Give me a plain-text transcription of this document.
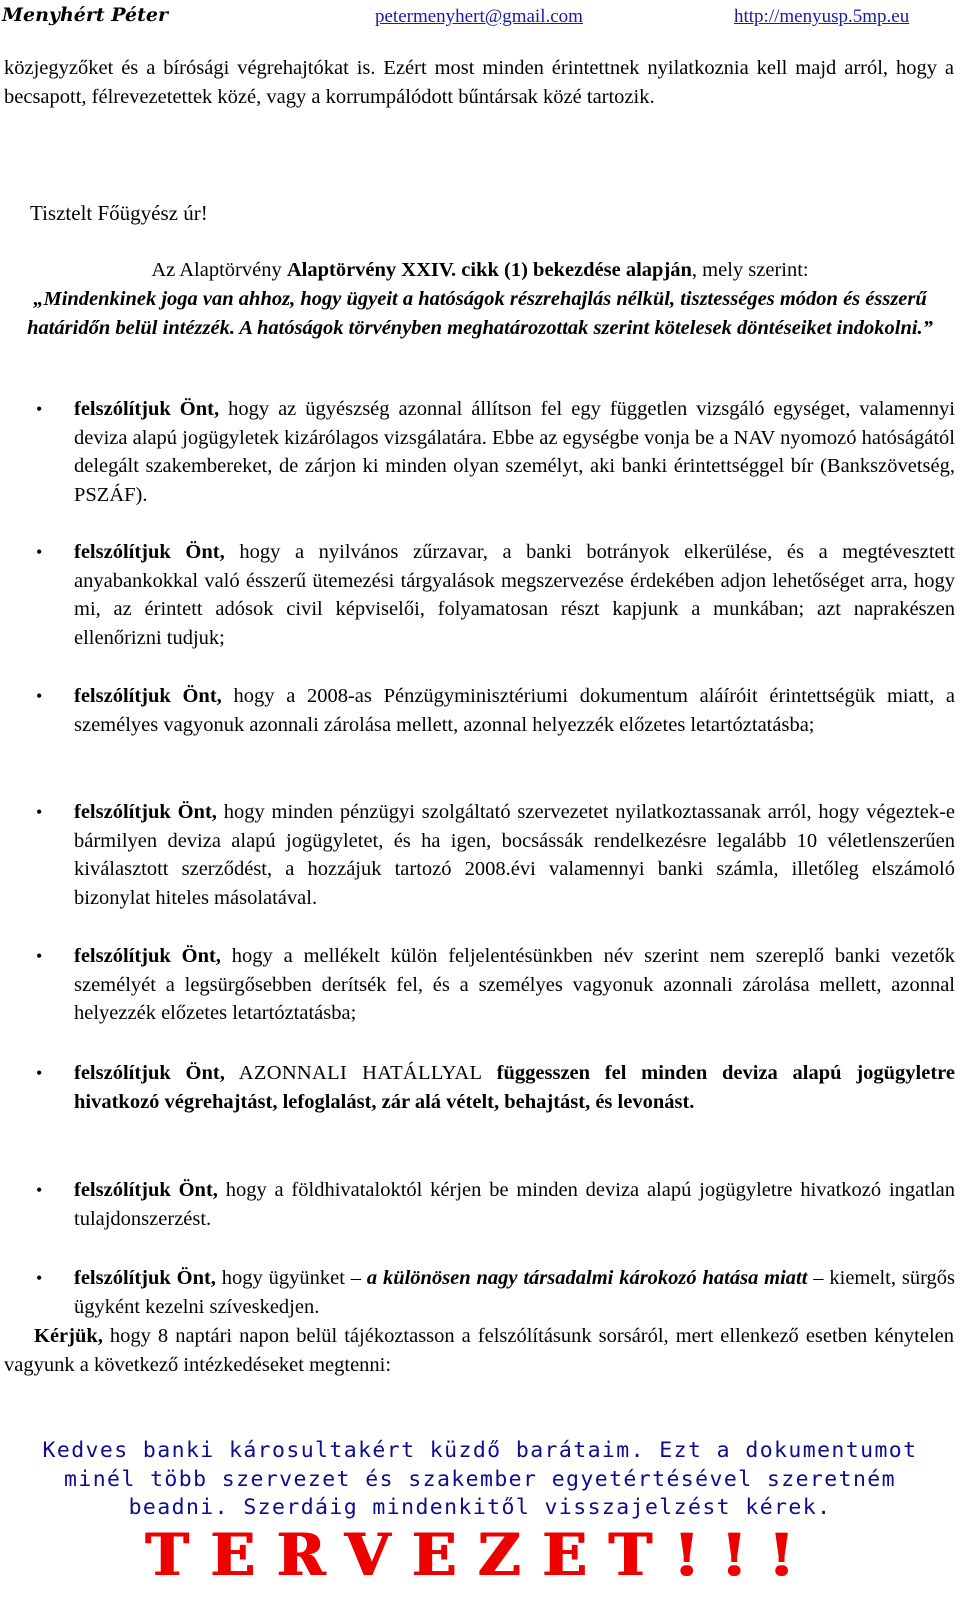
Menyhért Péter	petermenyhert@gmail.com	http://menyusp.5mp.eu
közjegyzőket és a bírósági végrehajtókat is. Ezért most minden érintettnek nyilatkoznia kell majd arról, hogy a becsapott, félrevezetettek közé, vagy a korrumpálódott bűntársak közé tartozik.
Tisztelt Főügyész úr!
Az Alaptörvény Alaptörvény XXIV. cikk (1) bekezdése alapján, mely szerint:
„Mindenkinek joga van ahhoz, hogy ügyeit a hatóságok részrehajlás nélkül, tisztességes módon és ésszerű határidőn belül intézzék. A hatóságok törvényben meghatározottak szerint kötelesek döntéseiket indokolni.”
• felszólítjuk Önt, hogy az ügyészség azonnal állítson fel egy független vizsgáló egységet, valamennyi deviza alapú jogügyletek kizárólagos vizsgálatára. Ebbe az egységbe vonja be a NAV nyomozó hatóságától delegált szakembereket, de zárjon ki minden olyan személyt, aki banki érintettséggel bír (Bankszövetség, PSZÁF).
• felszólítjuk Önt, hogy a nyilvános zűrzavar, a banki botrányok elkerülése, és a megtévesztett anyabankokkal való ésszerű ütemezési tárgyalások megszervezése érdekében adjon lehetőséget arra, hogy mi, az érintett adósok civil képviselői, folyamatosan részt kapjunk a munkában; azt naprakészen ellenőrizni tudjuk;
• felszólítjuk Önt, hogy a 2008-as Pénzügyminisztériumi dokumentum aláíróit érintettségük miatt, a személyes vagyonuk azonnali zárolása mellett, azonnal helyezzék előzetes letartóztatásba;
• felszólítjuk Önt, hogy minden pénzügyi szolgáltató szervezetet nyilatkoztassanak arról, hogy végeztek-e bármilyen deviza alapú jogügyletet, és ha igen, bocsássák rendelkezésre legalább 10 véletlenszerűen kiválasztott szerződést, a hozzájuk tartozó 2008.évi valamennyi banki számla, illetőleg elszámoló bizonylat hiteles másolatával.
• felszólítjuk Önt, hogy a mellékelt külön feljelentésünkben név szerint nem szereplő banki vezetők személyét a legsürgősebben derítsék fel, és a személyes vagyonuk azonnali zárolása mellett, azonnal helyezzék előzetes letartóztatásba;
• felszólítjuk Önt, AZONNALI HATÁLLYAL függesszen fel minden deviza alapú jogügyletre hivatkozó végrehajtást, lefoglalást, zár alá vételt, behajtást, és levonást.
• felszólítjuk Önt, hogy a földhivataloktól kérjen be minden deviza alapú jogügyletre hivatkozó ingatlan tulajdonszerzést.
• felszólítjuk Önt, hogy ügyünket – a különösen nagy társadalmi károkozó hatása miatt – kiemelt, sürgős ügyként kezelni szíveskedjen.
Kérjük, hogy 8 naptári napon belül tájékoztasson a felszólításunk sorsáról, mert ellenkező esetben kénytelen vagyunk a következő intézkedéseket megtenni:
Kedves banki károsultakért küzdő barátaim. Ezt a dokumentumot minél több szervezet és szakember egyetértésével szeretném beadni. Szerdáig mindenkitől visszajelzést kérek.
TERVEZET!!!
